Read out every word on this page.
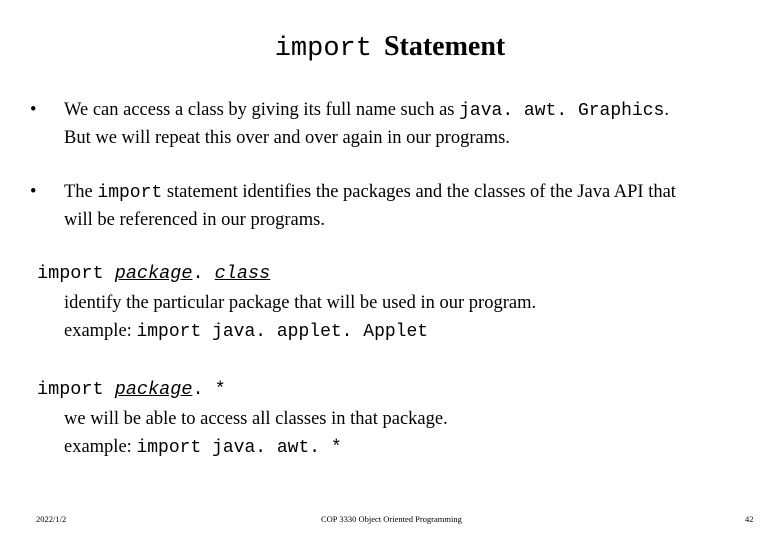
import Statement
• We can access a class by giving its full name such as java. awt. Graphics.
But we will repeat this over and over again in our programs.
• The import statement identifies the packages and the classes of the Java API that
will be referenced in our programs.
import package. class
identify the particular package that will be used in our program.
example: import java. applet. Applet
import package. *
we will be able to access all classes in that package.
example: import java. awt. *
2022/1/2	COP 3330 Object Oriented Programming	42
